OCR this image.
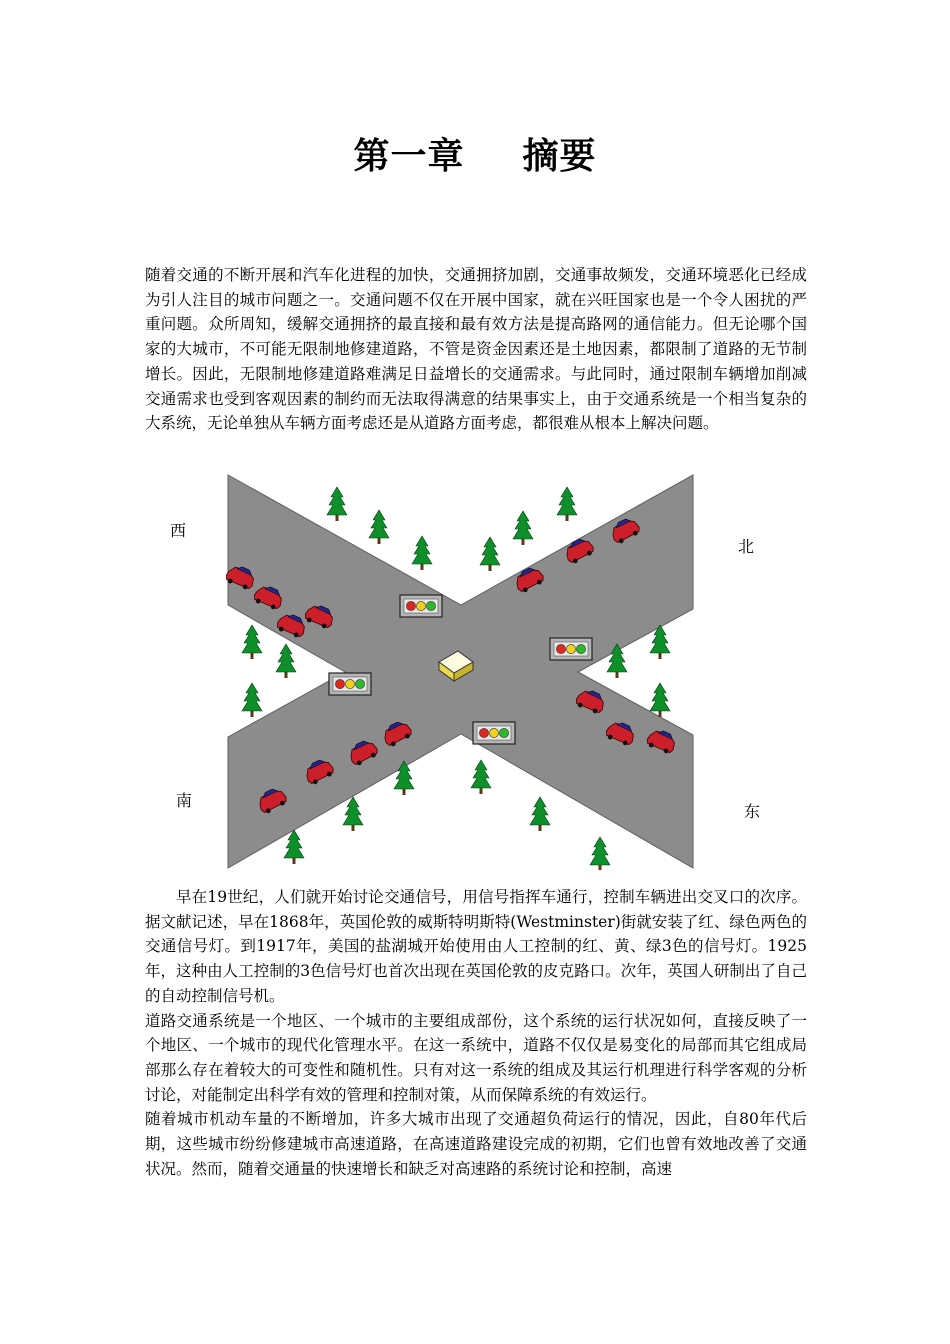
第一章 摘要

随着交通的不断开展和汽车化进程的加快，交通拥挤加剧，交通事故频发，交通环境恶化已经成为引人注目的城市问题之一。交通问题不仅在开展中国家，就在兴旺国家也是一个令人困扰的严重问题。众所周知，缓解交通拥挤的最直接和最有效方法是提高路网的通信能力。但无论哪个国家的大城市，不可能无限制地修建道路，不管是资金因素还是土地因素，都限制了道路的无节制增长。因此，无限制地修建道路难满足日益增长的交通需求。与此同时，通过限制车辆增加削减交通需求也受到客观因素的制约而无法取得满意的结果事实上，由于交通系统是一个相当复杂的大系统，无论单独从车辆方面考虑还是从道路方面考虑，都很难从根本上解决问题。

西
北
南
东

早在19世纪，人们就开始讨论交通信号，用信号指挥车通行，控制车辆进出交叉口的次序。据文献记述，早在1868年，英国伦敦的威斯特明斯特(Westminster)街就安装了红、绿色两色的交通信号灯。到1917年，美国的盐湖城开始使用由人工控制的红、黄、绿3色的信号灯。1925年，这种由人工控制的3色信号灯也首次出现在英国伦敦的皮克路口。次年，英国人研制出了自己的自动控制信号机。

道路交通系统是一个地区、一个城市的主要组成部份，这个系统的运行状况如何，直接反映了一个地区、一个城市的现代化管理水平。在这一系统中，道路不仅仅是易变化的局部而其它组成局部那么存在着较大的可变性和随机性。只有对这一系统的组成及其运行机理进行科学客观的分析讨论，对能制定出科学有效的管理和控制对策，从而保障系统的有效运行。

随着城市机动车量的不断增加，许多大城市出现了交通超负荷运行的情况，因此，自80年代后期，这些城市纷纷修建城市高速道路，在高速道路建设完成的初期，它们也曾有效地改善了交通状况。然而，随着交通量的快速增长和缺乏对高速路的系统讨论和控制，高速
